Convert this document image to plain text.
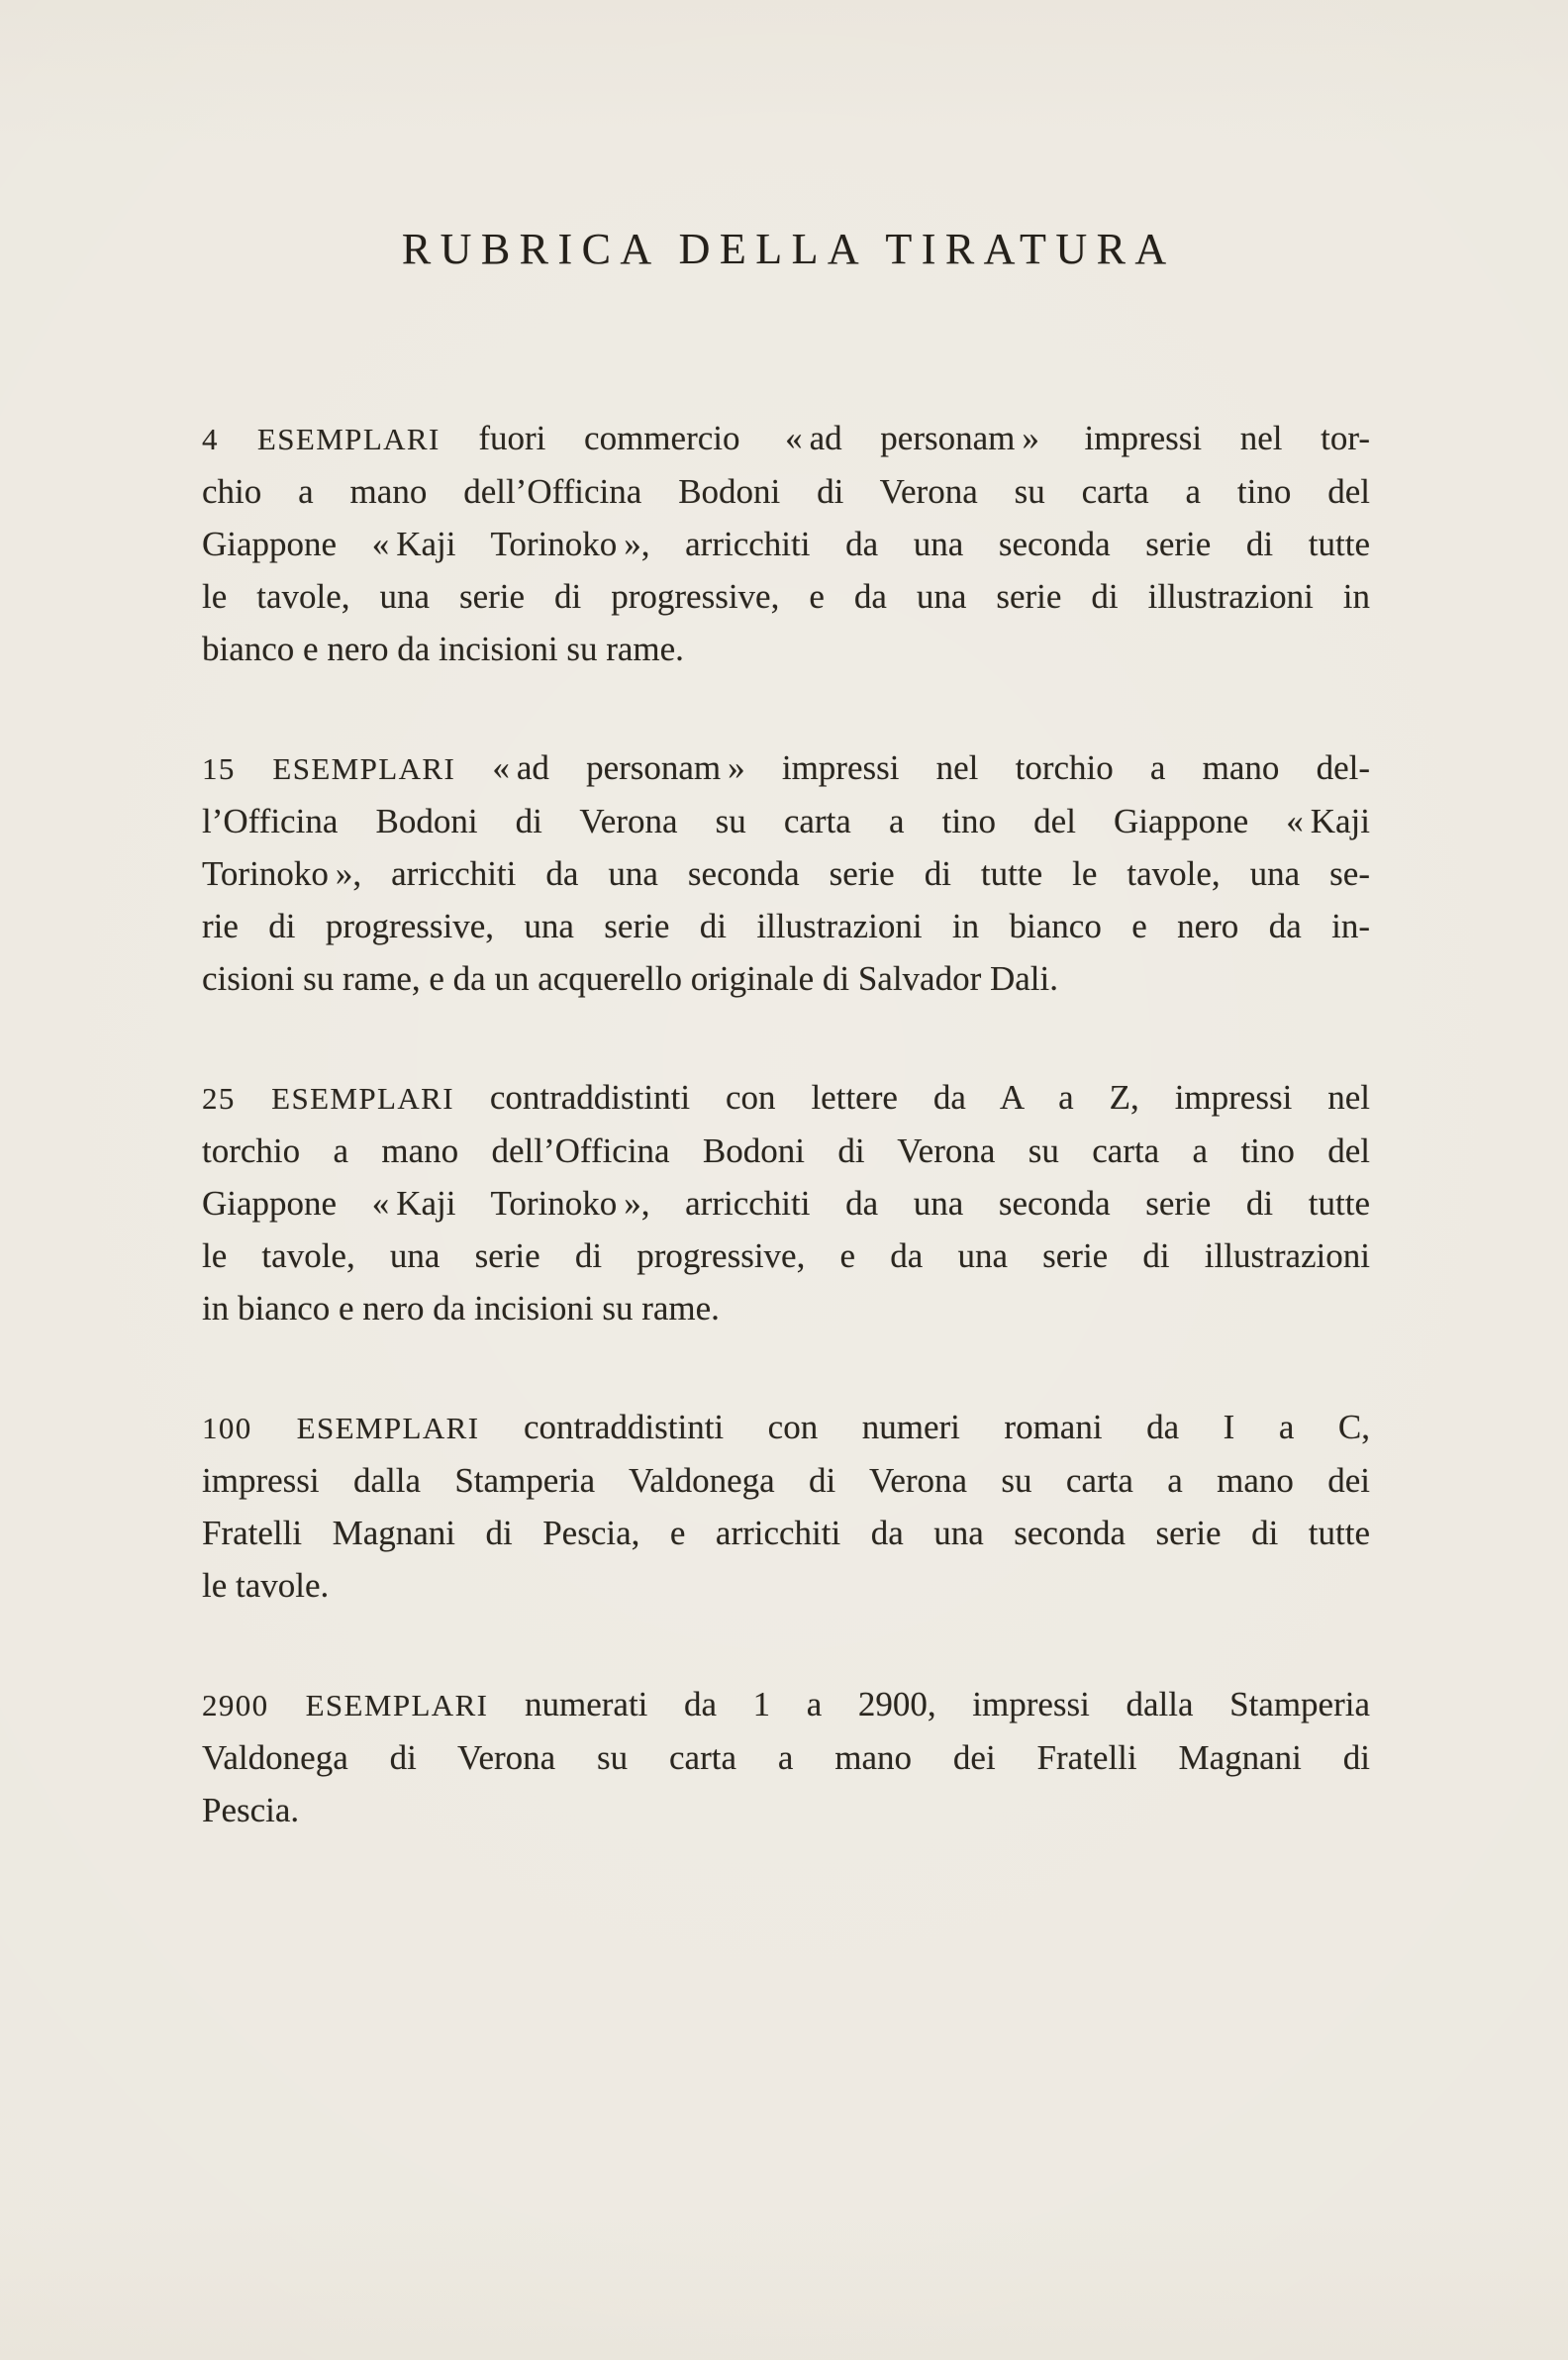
RUBRICA DELLA TIRATURA
4 ESEMPLARI fuori commercio  « ad personam »  impressi nel tor-
chio a mano dell’Officina Bodoni di Verona su carta a tino del
Giappone « Kaji Torinoko », arricchiti da una seconda serie di tutte
le tavole, una serie di progressive, e da una serie di illustrazioni in
bianco e nero da incisioni su rame.
15 ESEMPLARI « ad personam » impressi nel torchio a mano del-
l’Officina Bodoni di Verona su carta a tino del Giappone « Kaji
Torinoko », arricchiti da una seconda serie di tutte le tavole, una se-
rie di progressive, una serie di illustrazioni in bianco e nero da in-
cisioni su rame, e da un acquerello originale di Salvador Dali.
25 ESEMPLARI contraddistinti con lettere da A a Z, impressi nel
torchio a mano dell’Officina Bodoni di Verona su carta a tino del
Giappone « Kaji Torinoko », arricchiti da una seconda serie di tutte
le tavole, una serie di progressive, e da una serie di illustrazioni
in bianco e nero da incisioni su rame.
100 ESEMPLARI contraddistinti con numeri romani da I a C,
impressi dalla Stamperia Valdonega di Verona su carta a mano dei
Fratelli Magnani di Pescia, e arricchiti da una seconda serie di tutte
le tavole.
2900 ESEMPLARI numerati da 1 a 2900, impressi dalla Stamperia
Valdonega di Verona su carta a mano dei Fratelli Magnani di
Pescia.
